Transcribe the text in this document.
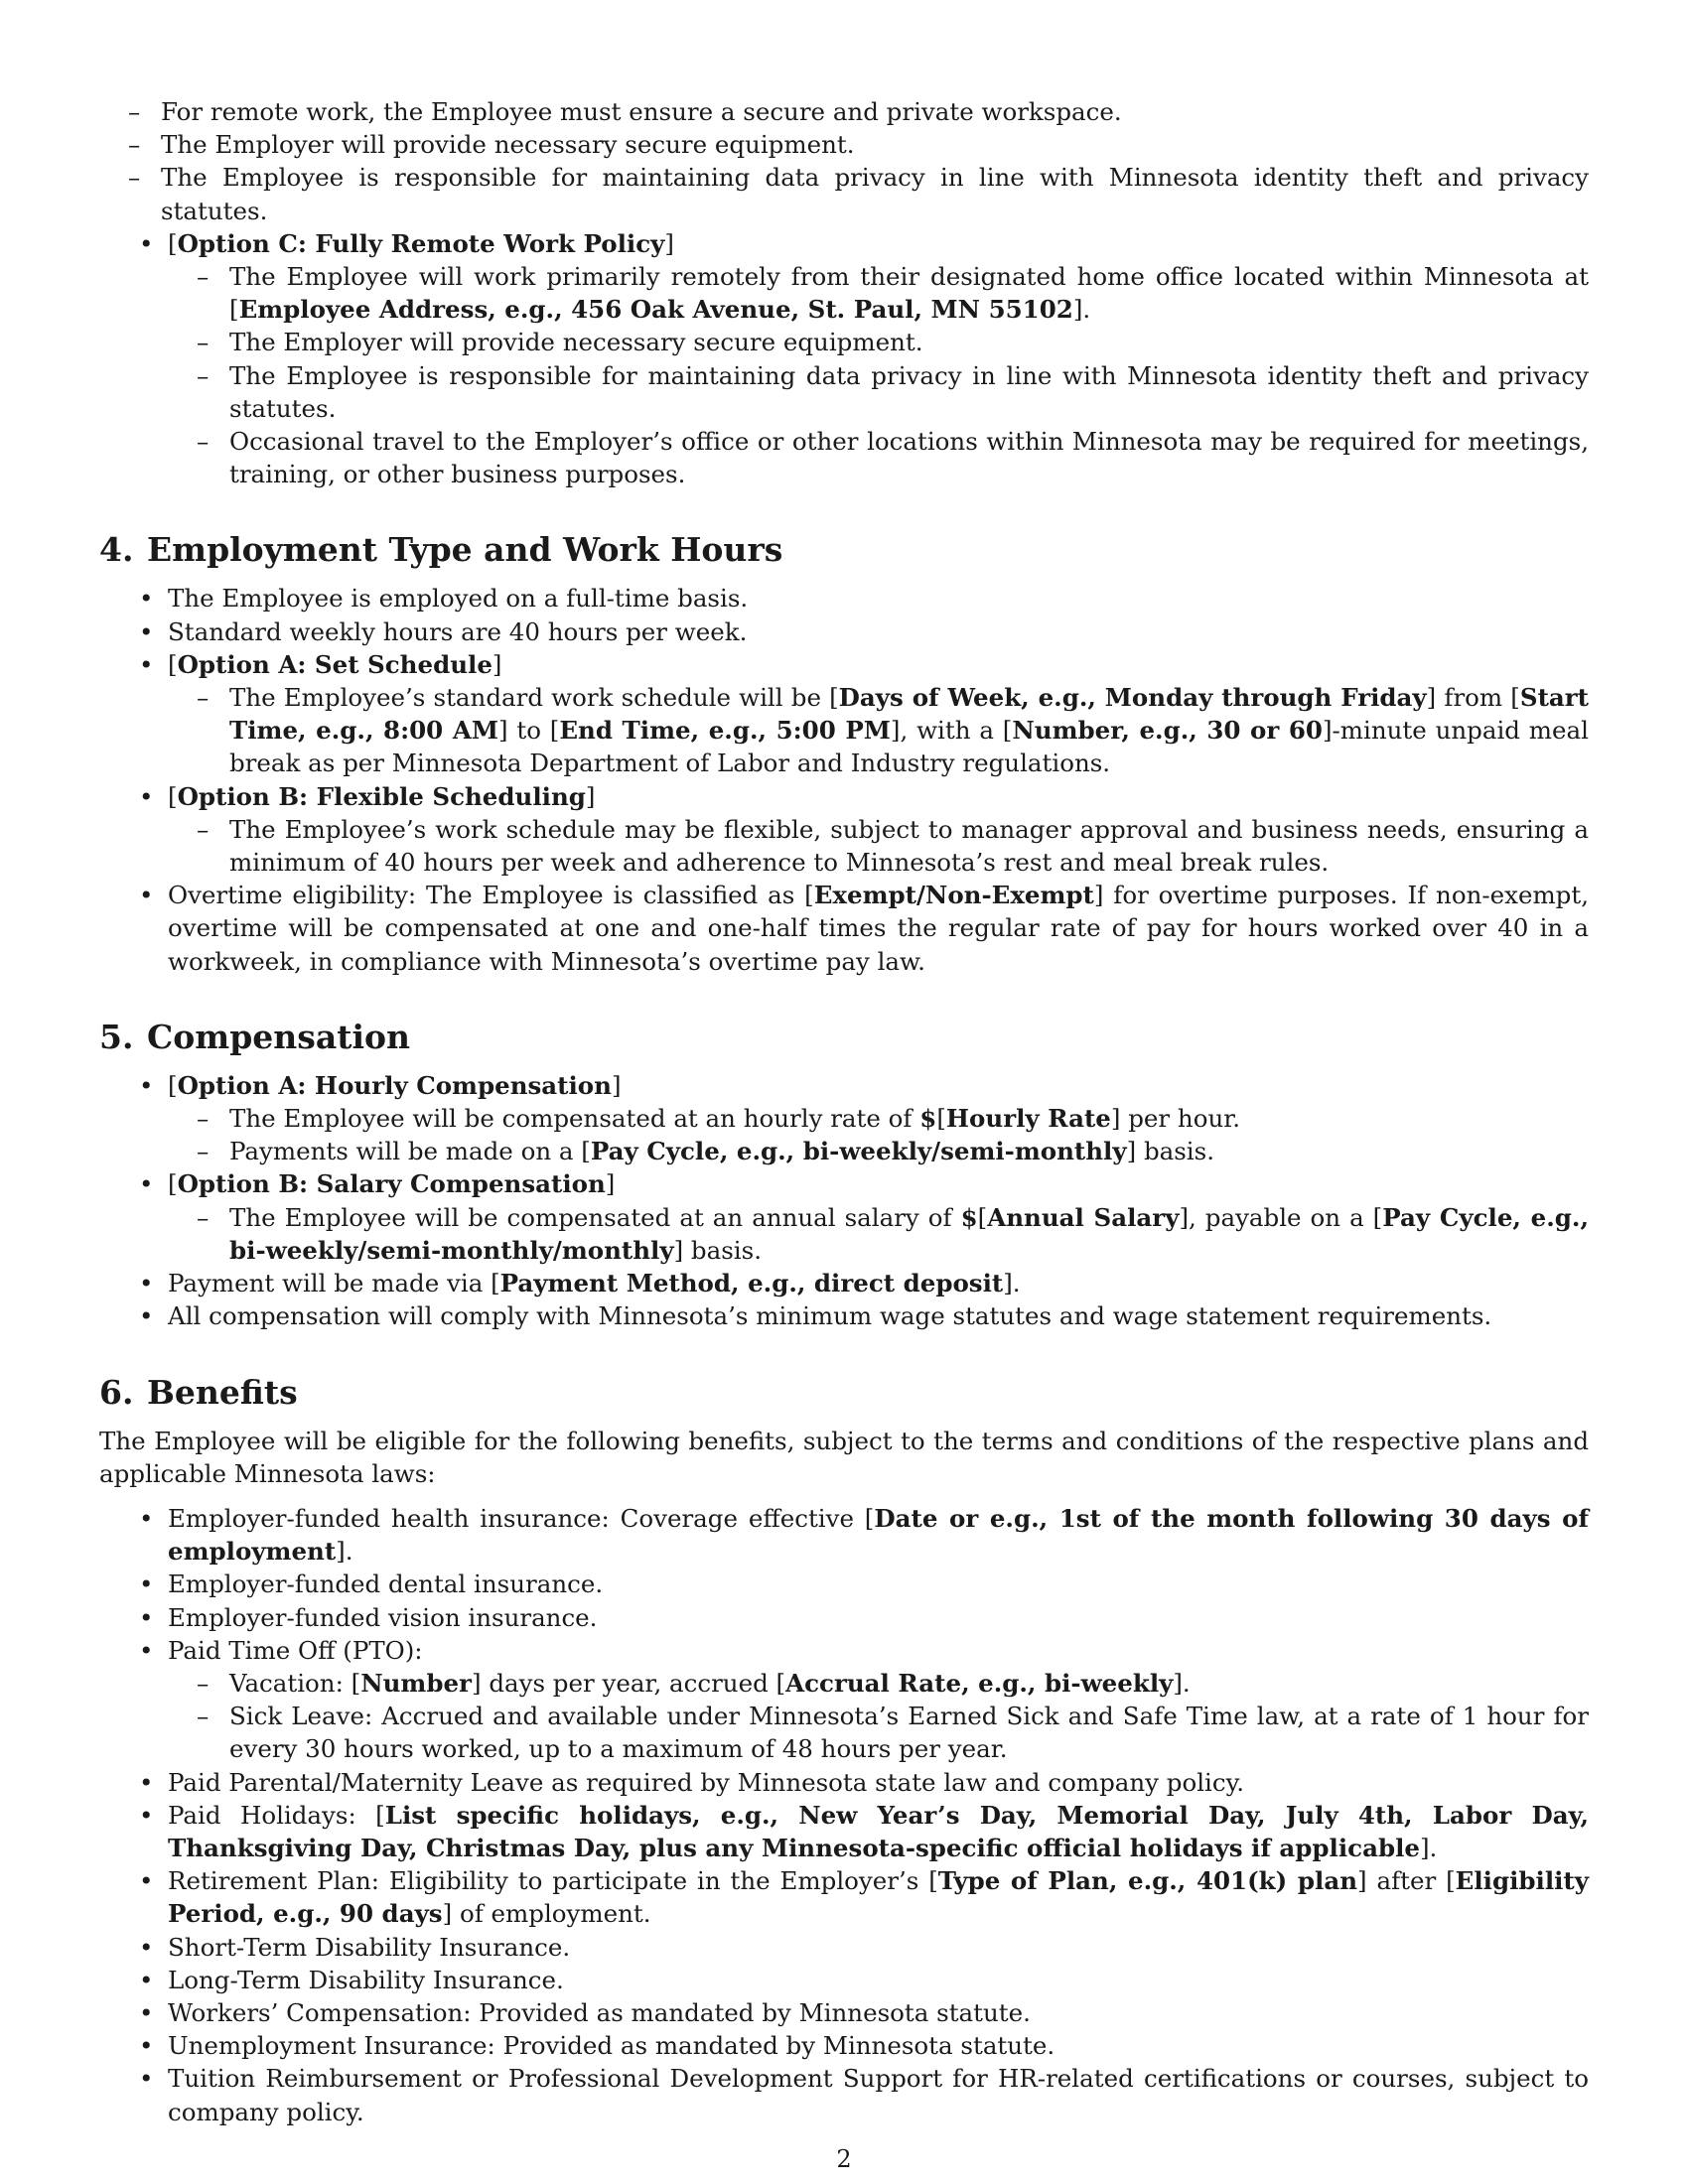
– For remote work, the Employee must ensure a secure and private workspace.
– The Employer will provide necessary secure equipment.
– The Employee is responsible for maintaining data privacy in line with Minnesota identity theft and privacy statutes.
• [Option C: Fully Remote Work Policy]
– The Employee will work primarily remotely from their designated home office located within Minnesota at [Employee Address, e.g., 456 Oak Avenue, St. Paul, MN 55102].
– The Employer will provide necessary secure equipment.
– The Employee is responsible for maintaining data privacy in line with Minnesota identity theft and privacy statutes.
– Occasional travel to the Employer’s office or other locations within Minnesota may be required for meetings, training, or other business purposes.
4. Employment Type and Work Hours
• The Employee is employed on a full-time basis.
• Standard weekly hours are 40 hours per week.
• [Option A: Set Schedule]
– The Employee’s standard work schedule will be [Days of Week, e.g., Monday through Friday] from [Start Time, e.g., 8:00 AM] to [End Time, e.g., 5:00 PM], with a [Number, e.g., 30 or 60]-minute unpaid meal break as per Minnesota Department of Labor and Industry regulations.
• [Option B: Flexible Scheduling]
– The Employee’s work schedule may be flexible, subject to manager approval and business needs, ensuring a minimum of 40 hours per week and adherence to Minnesota’s rest and meal break rules.
• Overtime eligibility: The Employee is classified as [Exempt/Non-Exempt] for overtime purposes. If non-exempt, overtime will be compensated at one and one-half times the regular rate of pay for hours worked over 40 in a workweek, in compliance with Minnesota’s overtime pay law.
5. Compensation
• [Option A: Hourly Compensation]
– The Employee will be compensated at an hourly rate of $[Hourly Rate] per hour.
– Payments will be made on a [Pay Cycle, e.g., bi-weekly/semi-monthly] basis.
• [Option B: Salary Compensation]
– The Employee will be compensated at an annual salary of $[Annual Salary], payable on a [Pay Cycle, e.g., bi-weekly/semi-monthly/monthly] basis.
• Payment will be made via [Payment Method, e.g., direct deposit].
• All compensation will comply with Minnesota’s minimum wage statutes and wage statement requirements.
6. Benefits

The Employee will be eligible for the following benefits, subject to the terms and conditions of the respective plans and applicable Minnesota laws:

• Employer-funded health insurance: Coverage effective [Date or e.g., 1st of the month following 30 days of employment].
• Employer-funded dental insurance.
• Employer-funded vision insurance.
• Paid Time Off (PTO):
– Vacation: [Number] days per year, accrued [Accrual Rate, e.g., bi-weekly].
– Sick Leave: Accrued and available under Minnesota’s Earned Sick and Safe Time law, at a rate of 1 hour for every 30 hours worked, up to a maximum of 48 hours per year.
• Paid Parental/Maternity Leave as required by Minnesota state law and company policy.
• Paid Holidays: [List specific holidays, e.g., New Year’s Day, Memorial Day, July 4th, Labor Day, Thanksgiving Day, Christmas Day, plus any Minnesota-specific official holidays if applicable].
• Retirement Plan: Eligibility to participate in the Employer’s [Type of Plan, e.g., 401(k) plan] after [Eligibility Period, e.g., 90 days] of employment.
• Short-Term Disability Insurance.
• Long-Term Disability Insurance.
• Workers’ Compensation: Provided as mandated by Minnesota statute.
• Unemployment Insurance: Provided as mandated by Minnesota statute.
• Tuition Reimbursement or Professional Development Support for HR-related certifications or courses, subject to company policy.
2
